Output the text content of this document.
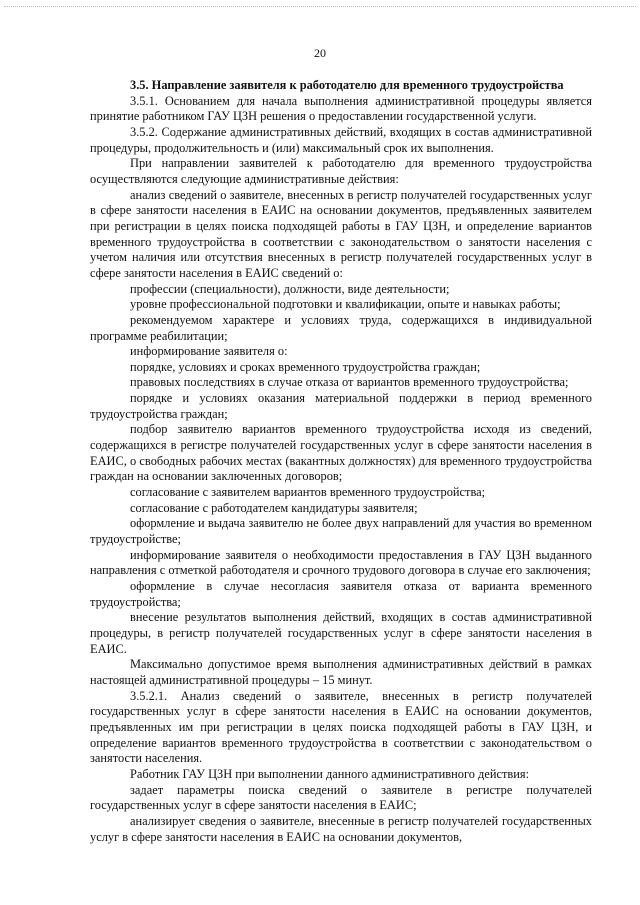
20

3.5. Направление заявителя к работодателю для временного трудоустройства

3.5.1. Основанием для начала выполнения административной процедуры является принятие работником ГАУ ЦЗН решения о предоставлении государственной услуги.

3.5.2. Содержание административных действий, входящих в состав административной процедуры, продолжительность и (или) максимальный срок их выполнения.

При направлении заявителей к работодателю для временного трудоустройства осуществляются следующие административные действия:

анализ сведений о заявителе, внесенных в регистр получателей государственных услуг в сфере занятости населения в ЕАИС на основании документов, предъявленных заявителем при регистрации в целях поиска подходящей работы в ГАУ ЦЗН, и определение вариантов временного трудоустройства в соответствии с законодательством о занятости населения с учетом наличия или отсутствия внесенных в регистр получателей государственных услуг в сфере занятости населения в ЕАИС сведений о:

профессии (специальности), должности, виде деятельности;

уровне профессиональной подготовки и квалификации, опыте и навыках работы;

рекомендуемом характере и условиях труда, содержащихся в индивидуальной программе реабилитации;

информирование заявителя о:

порядке, условиях и сроках временного трудоустройства граждан;

правовых последствиях в случае отказа от вариантов временного трудоустройства;

порядке и условиях оказания материальной поддержки в период временного трудоустройства граждан;

подбор заявителю вариантов временного трудоустройства исходя из сведений, содержащихся в регистре получателей государственных услуг в сфере занятости населения в ЕАИС, о свободных рабочих местах (вакантных должностях) для временного трудоустройства граждан на основании заключенных договоров;

согласование с заявителем вариантов временного трудоустройства;

согласование с работодателем кандидатуры заявителя;

оформление и выдача заявителю не более двух направлений для участия во временном трудоустройстве;

информирование заявителя о необходимости предоставления в ГАУ ЦЗН выданного направления с отметкой работодателя и срочного трудового договора в случае его заключения;

оформление в случае несогласия заявителя отказа от варианта временного трудоустройства;

внесение результатов выполнения действий, входящих в состав административной процедуры, в регистр получателей государственных услуг в сфере занятости населения в ЕАИС.

Максимально допустимое время выполнения административных действий в рамках настоящей административной процедуры – 15 минут.

3.5.2.1. Анализ сведений о заявителе, внесенных в регистр получателей государственных услуг в сфере занятости населения в ЕАИС на основании документов, предъявленных им при регистрации в целях поиска подходящей работы в ГАУ ЦЗН, и определение вариантов временного трудоустройства в соответствии с законодательством о занятости населения.

Работник ГАУ ЦЗН при выполнении данного административного действия:

задает параметры поиска сведений о заявителе в регистре получателей государственных услуг в сфере занятости населения в ЕАИС;

анализирует сведения о заявителе, внесенные в регистр получателей государственных услуг в сфере занятости населения в ЕАИС на основании документов,
